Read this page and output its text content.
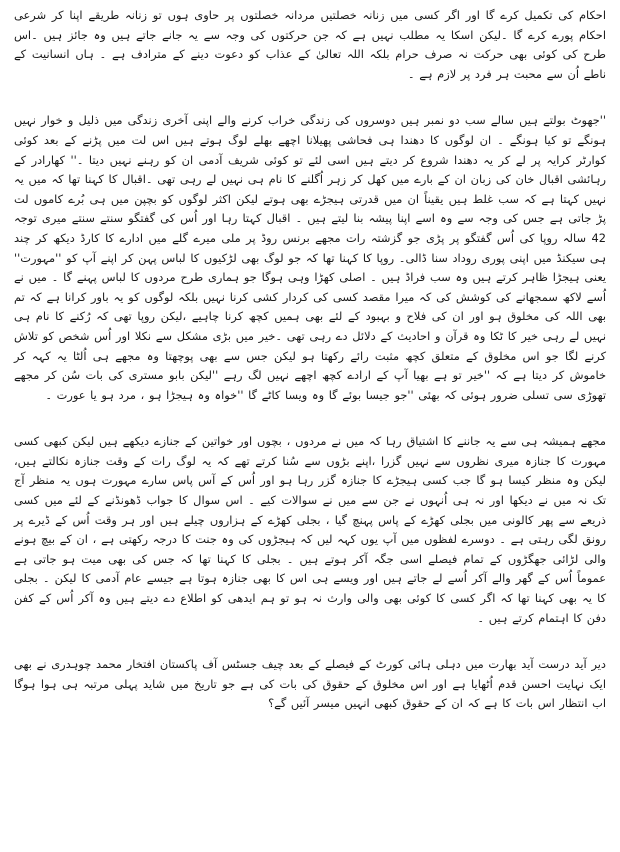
احکام کی تکمیل کرے گا اور اگر کسی میں زنانہ خصلتیں مردانہ خصلتوں پر حاوی ہوں تو زنانہ طریقے اپنا کر شرعی احکام پورے کرے گا ۔لیکن اسکا یہ مطلب نہیں ہے کہ جن حرکتوں کی وجہ سے یہ جانے جاتے ہیں وہ جائز ہیں ۔اس طرح کی کوئی بھی حرکت نہ صرف حرام بلکہ اللہ تعالیٰ کے عذاب کو دعوت دینے کے مترادف ہے ۔ ہاں انسانیت کے ناطے اُن سے محبت ہر فرد پر لازم ہے ۔

''جھوٹ بولتے ہیں سالے سب دو نمبر ہیں دوسروں کی زندگی خراب کرنے والے اپنی آخری زندگی میں ذلیل و خوار نہیں ہونگے تو کیا ہونگے ۔ ان لوگوں کا دھندا ہی فحاشی پھیلانا اچھے بھلے لوگ ہوتے ہیں اس لت میں پڑنے کے بعد کوئی کوارٹر کرایہ پر لے کر یہ دھندا شروع کر دیتے ہیں اسی لئے تو کوئی شریف آدمی ان کو رہنے نہیں دیتا ۔'' کھارادر کے رہائشی اقبال خان کی زبان ان کے بارے میں کھل کر زہر اُگلنے کا نام ہی نہیں لے رہی تھی ۔اقبال کا کہنا تھا کہ میں یہ نہیں کہتا ہے کہ سب غلط ہیں یقیناً ان میں قدرتی ہیجڑے بھی ہوتے لیکن اکثر لوگوں کو بچپن میں ہی بُرے کاموں لت پڑ جاتی ہے جس کی وجہ سے وہ اسے اپنا پیشہ بنا لیتے ہیں ۔ اقبال کہتا رہا اور اُس کی گفتگو سنتے سنتے میری توجہ 42 سالہ روپا کی اُس گفتگو پر پڑی جو گزشتہ رات مجھے برنس روڈ پر ملی میرے گلے میں ادارے کا کارڈ دیکھ کر چند ہی سیکنڈ میں اپنی پوری روداد سنا ڈالی۔ روپا کا کہنا تھا کہ جو لوگ بھی لڑکیوں کا لباس پہن کر اپنے آپ کو ''مہورت'' یعنی ہیجڑا ظاہر کرتے ہیں وہ سب فراڈ ہیں ۔ اصلی کھڑا وہی ہوگا جو ہماری طرح مردوں کا لباس پہنے گا ۔ میں نے اُسے لاکھ سمجھانے کی کوشش کی کہ میرا مقصد کسی کی کردار کشی کرنا نہیں بلکہ لوگوں کو یہ باور کرانا ہے کہ تم بھی اللہ کی مخلوق ہو اور ان کی فلاح و بہبود کے لئے بھی ہمیں کچھ کرنا چاہیے ،لیکن روپا تھی کہ رُکنے کا نام ہی نہیں لے رہی خیر کا ٹکا وہ قرآن و احادیث کے دلائل دے رہی تھی ۔خیر میں بڑی مشکل سے نکلا اور اُس شخص کو تلاش کرنے لگا جو اس مخلوق کے متعلق کچھ مثبت رائے رکھتا ہو لیکن جس سے بھی پوچھتا وہ مجھے ہی اُلٹا یہ کہہ کر خاموش کر دیتا ہے کہ ''خیر تو ہے بھیا آپ کے ارادے کچھ اچھے نہیں لگ رہے ''لیکن بابو مستری کی بات سُن کر مجھے تھوڑی سی تسلی ضرور ہوئی کہ بھئی ''جو جیسا بوئے گا وہ ویسا کاٹے گا ''خواہ وہ ہیجڑا ہو ، مرد ہو یا عورت ۔

مجھے ہمیشہ ہی سے یہ جاننے کا اشتیاق رہا کہ میں نے مردوں ، بچوں اور خواتین کے جنازے دیکھے ہیں لیکن کبھی کسی مہورت کا جنازہ میری نظروں سے نہیں گزرا ،اپنے بڑوں سے سُنا کرتے تھے کہ یہ لوگ رات کے وقت جنازہ نکالتے ہیں، لیکن وہ منظر کیسا ہو گا جب کسی ہیجڑے کا جنازہ گزر رہا ہو اور اُس کے آس پاس سارے مہورت ہوں یہ منظر آج تک نہ میں نے دیکھا اور نہ ہی اُنہوں نے جن سے میں نے سوالات کیے ۔ اس سوال کا جواب ڈھونڈنے کے لئے میں کسی ذریعے سے پھر کالونی میں بجلی کھڑے کے پاس پہنچ گیا ، بجلی کھڑے کے ہزاروں چیلے ہیں اور ہر وقت اُس کے ڈیرے پر رونق لگی رہتی ہے ۔ دوسرے لفظوں میں آپ یوں کہہ لیں کہ ہیجڑوں کی وہ جنت کا درجہ رکھتی ہے ، ان کے بیچ ہونے والی لڑائی جھگڑوں کے تمام فیصلے اسی جگہ آکر ہوتے ہیں ۔ بجلی کا کہنا تھا کہ جس کی بھی میت ہو جاتی ہے عموماً اُس کے گھر والے آکر اُسے لے جاتے ہیں اور ویسے ہی اس کا بھی جنازہ ہوتا ہے جیسے عام آدمی کا لیکن ۔ بجلی کا یہ بھی کہنا تھا کہ اگر کسی کا کوئی بھی والی وارث نہ ہو تو ہم ایدھی کو اطلاع دے دیتے ہیں وہ آکر اُس کے کفن دفن کا اہتمام کرتے ہیں ۔

دیر آید درست آید بھارت میں دہلی ہائی کورٹ کے فیصلے کے بعد چیف جسٹس آف پاکستان افتخار محمد چوہدری نے بھی ایک نہایت احسن قدم اُٹھایا ہے اور اس مخلوق کے حقوق کی بات کی ہے جو تاریخ میں شاید پہلی مرتبہ ہی ہوا ہوگا اب انتظار اس بات کا ہے کہ ان کے حقوق کبھی انہیں میسر آئیں گے؟
